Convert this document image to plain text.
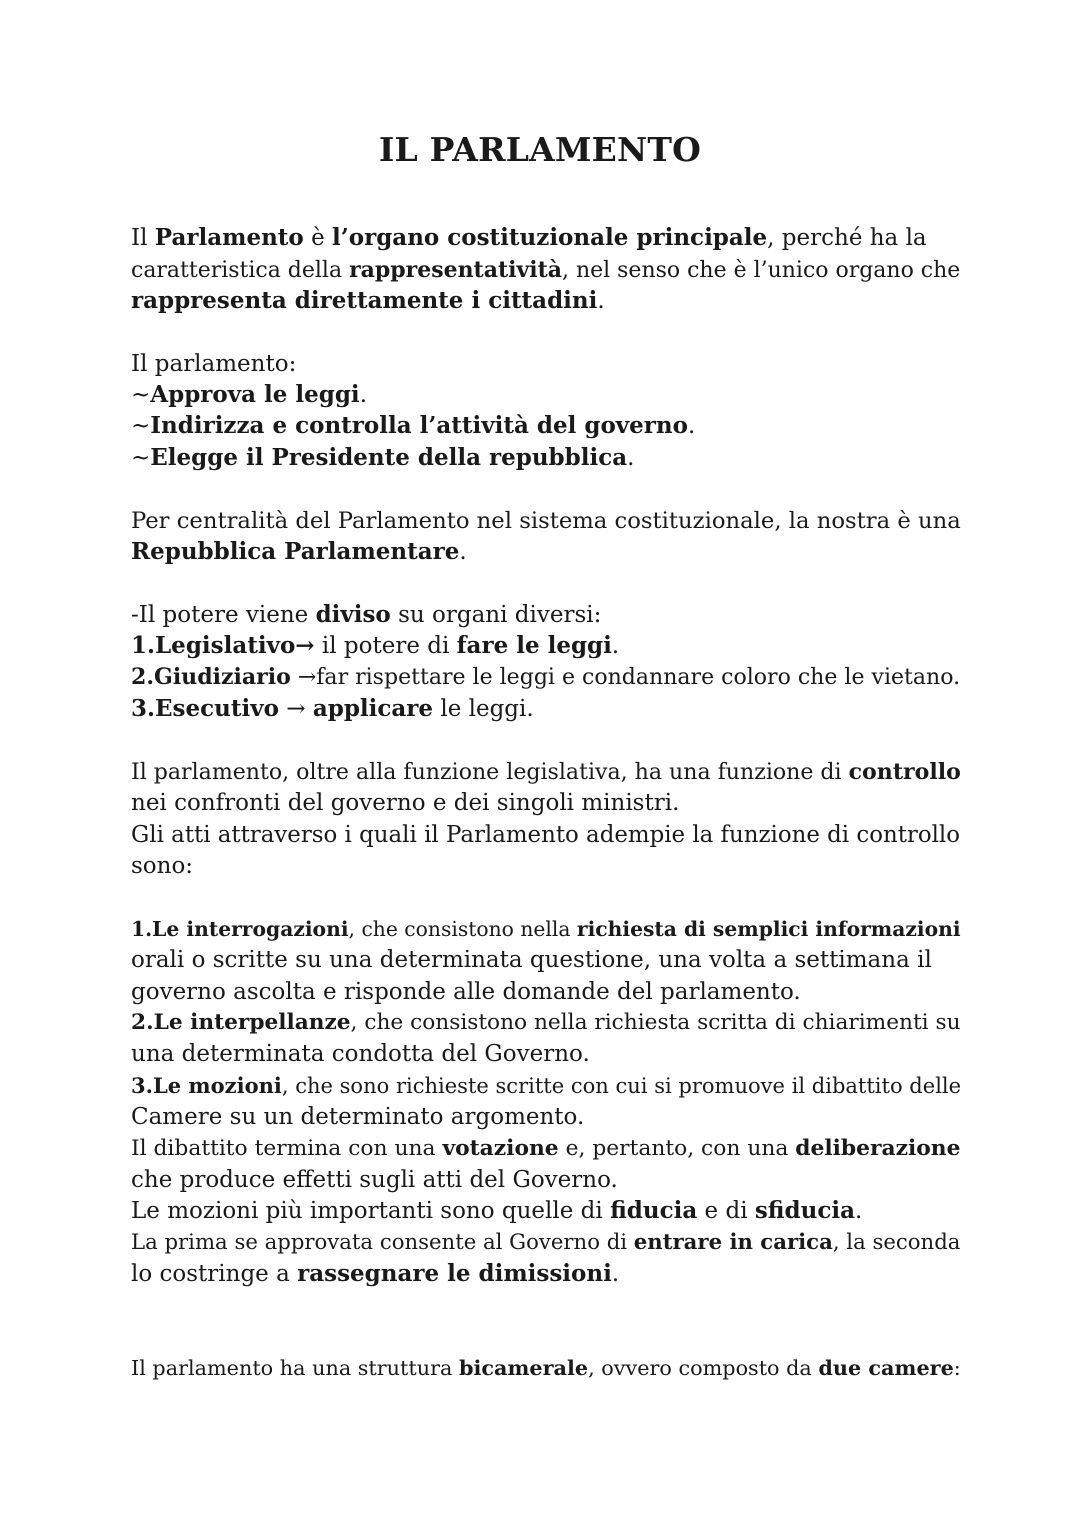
IL PARLAMENTO
Il Parlamento è l’organo costituzionale principale, perché ha la
caratteristica della rappresentatività, nel senso che è l’unico organo che
rappresenta direttamente i cittadini.
Il parlamento:
~Approva le leggi.
~Indirizza e controlla l’attività del governo.
~Elegge il Presidente della repubblica.
Per centralità del Parlamento nel sistema costituzionale, la nostra è una
Repubblica Parlamentare.
-Il potere viene diviso su organi diversi:
1.Legislativo→ il potere di fare le leggi.
2.Giudiziario →far rispettare le leggi e condannare coloro che le vietano.
3.Esecutivo → applicare le leggi.
Il parlamento, oltre alla funzione legislativa, ha una funzione di controllo
nei confronti del governo e dei singoli ministri.
Gli atti attraverso i quali il Parlamento adempie la funzione di controllo
sono:
1.Le interrogazioni, che consistono nella richiesta di semplici informazioni
orali o scritte su una determinata questione, una volta a settimana il
governo ascolta e risponde alle domande del parlamento.
2.Le interpellanze, che consistono nella richiesta scritta di chiarimenti su
una determinata condotta del Governo.
3.Le mozioni, che sono richieste scritte con cui si promuove il dibattito delle
Camere su un determinato argomento.
Il dibattito termina con una votazione e, pertanto, con una deliberazione
che produce effetti sugli atti del Governo.
Le mozioni più importanti sono quelle di fiducia e di sfiducia.
La prima se approvata consente al Governo di entrare in carica, la seconda
lo costringe a rassegnare le dimissioni.
Il parlamento ha una struttura bicamerale, ovvero composto da due camere:
